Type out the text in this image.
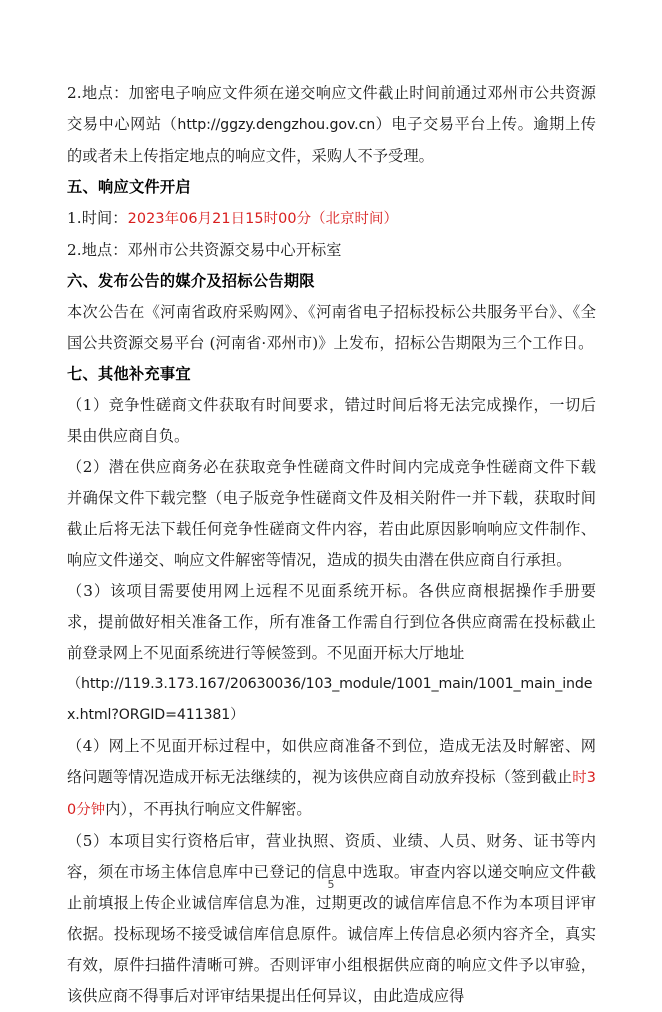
2.地点：加密电子响应文件须在递交响应文件截止时间前通过邓州市公共资源交易中心网站（http://ggzy.dengzhou.gov.cn）电子交易平台上传。逾期上传的或者未上传指定地点的响应文件，采购人不予受理。

五、响应文件开启

1.时间：2023年06月21日15时00分（北京时间）

2.地点：邓州市公共资源交易中心开标室

六、发布公告的媒介及招标公告期限

本次公告在《河南省政府采购网》、《河南省电子招标投标公共服务平台》、《全国公共资源交易平台 (河南省·邓州市)》上发布，招标公告期限为三个工作日。

七、其他补充事宜

（1）竞争性磋商文件获取有时间要求，错过时间后将无法完成操作，一切后果由供应商自负。

（2）潜在供应商务必在获取竞争性磋商文件时间内完成竞争性磋商文件下载并确保文件下载完整（电子版竞争性磋商文件及相关附件一并下载，获取时间截止后将无法下载任何竞争性磋商文件内容，若由此原因影响响应文件制作、响应文件递交、响应文件解密等情况，造成的损失由潜在供应商自行承担。

（3）该项目需要使用网上远程不见面系统开标。各供应商根据操作手册要求，提前做好相关准备工作，所有准备工作需自行到位各供应商需在投标截止前登录网上不见面系统进行等候签到。不见面开标大厅地址

（http://119.3.173.167/20630036/103_module/1001_main/1001_main_index.html?ORGID=411381）

（4）网上不见面开标过程中，如供应商准备不到位，造成无法及时解密、网络问题等情况造成开标无法继续的，视为该供应商自动放弃投标（签到截止时30分钟内），不再执行响应文件解密。

（5）本项目实行资格后审，营业执照、资质、业绩、人员、财务、证书等内容，须在市场主体信息库中已登记的信息中选取。审查内容以递交响应文件截止前填报上传企业诚信库信息为准，过期更改的诚信库信息不作为本项目评审依据。投标现场不接受诚信库信息原件。诚信库上传信息必须内容齐全，真实有效，原件扫描件清晰可辨。否则评审小组根据供应商的响应文件予以审验，该供应商不得事后对评审结果提出任何异议，由此造成应得

5
